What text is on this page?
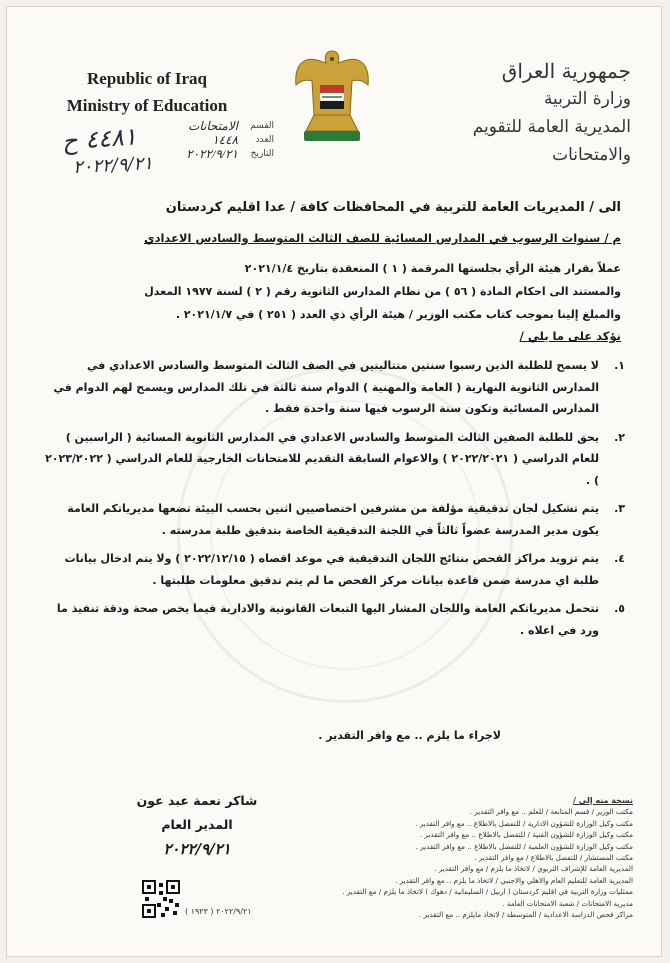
Republic of Iraq
Ministry of Education
جمهورية العراق
وزارة التربية
المديرية العامة للتقويم والامتحانات
٤٤٨١ ح
٢٠٢٢/٩/٢١
القسم
الامتحانات
العدد
١٤٤٨
التاريخ
٢٠٢٢/٩/٢١
الى / المديريات العامة للتربية في المحافظات كافة / عدا اقليم كردستان
م / سنوات الرسوب في المدارس المسائية للصف الثالث المتوسط والسادس الاعدادي
عملاً بقرار هيئة الرأي بجلستها المرقمة ( ١ ) المنعقدة بتاريخ ٢٠٢١/١/٤
والمستند الى احكام المادة ( ٥٦ ) من نظام المدارس الثانوية رقم ( ٢ ) لسنة ١٩٧٧ المعدل
والمبلغ إلينا بموجب كتاب مكتب الوزير / هيئة الرأي ذي العدد ( ٢٥١ ) في ٢٠٢١/١/٧ .
نؤكد على ما يلي /
١.
لا يسمح للطلبة الذين رسبوا سنتين متتاليتين في الصف الثالث المتوسط والسادس الاعدادي في المدارس الثانوية النهارية ( العامة والمهنية ) الدوام سنة ثالثة في تلك المدارس ويسمح لهم الدوام في المدارس المسائية وتكون سنة الرسوب فيها سنة واحدة فقط .
٢.
يحق للطلبة الصفين الثالث المتوسط والسادس الاعدادي في المدارس الثانوية المسائية ( الراسبين ) للعام الدراسي ( ٢٠٢٢/٢٠٢١ ) والاعوام السابقة التقديم للامتحانات الخارجية للعام الدراسي ( ٢٠٢٣/٢٠٢٢ ) .
٣.
يتم تشكيل لجان تدقيقية مؤلفة من مشرفين اختصاصيين اثنين بحسب البيئة تضعها مديرياتكم العامة يكون مدير المدرسة عضواً ثالثاً في اللجنة التدقيقية الخاصة بتدقيق طلبة مدرسته .
٤.
يتم تزويد مراكز الفحص بنتائج اللجان التدقيقية في موعد اقصاه ( ٢٠٢٢/١٢/١٥ ) ولا يتم ادخال بيانات طلبة اي مدرسة ضمن قاعدة بيانات مركز الفحص ما لم يتم تدقيق معلومات طلبتها .
٥.
تتحمل مديرياتكم العامة واللجان المشار اليها التبعات القانونية والادارية فيما يخص صحة ودقة تنفيذ ما ورد في اعلاه .
لاجراء ما يلزم .. مع وافر التقدير .
شاكر نعمة عبد عون
المدير العام
٢٠٢٢/٩/٢١
نسخة منه إلى /
مكتب الوزير / قسم المتابعة / للعلم .. مع وافر التقدير .
مكتب وكيل الوزارة للشؤون الادارية / للتفضل بالاطلاع .. مع وافر التقدير .
مكتب وكيل الوزارة للشؤون الفنية / للتفضل بالاطلاع .. مع وافر التقدير .
مكتب وكيل الوزارة للشؤون العلمية / للتفضل بالاطلاع .. مع وافر التقدير .
مكتب المستشار / للتفضل بالاطلاع / مع وافر التقدير .
المديرية العامة للإشراف التربوي / لاتخاذ ما يلزم / مع وافر التقدير .
المديرية العامة للتعليم العام والاهلي والاجنبي / لاتخاذ ما يلزم .. مع وافر التقدير .
ممثليات وزارة التربية في اقليم كردستان ( اربيل / السليمانية / دهوك ) لاتخاذ ما يلزم / مع التقدير .
مديرية الامتحانات / شعبة الامتحانات العامة .
مراكز فحص الدراسة الاعدادية / المتوسطة / لاتخاذ مايلزم .. مع التقدير .
( ١٩٢٣ ) ٢٠٢٢/٩/٢١
